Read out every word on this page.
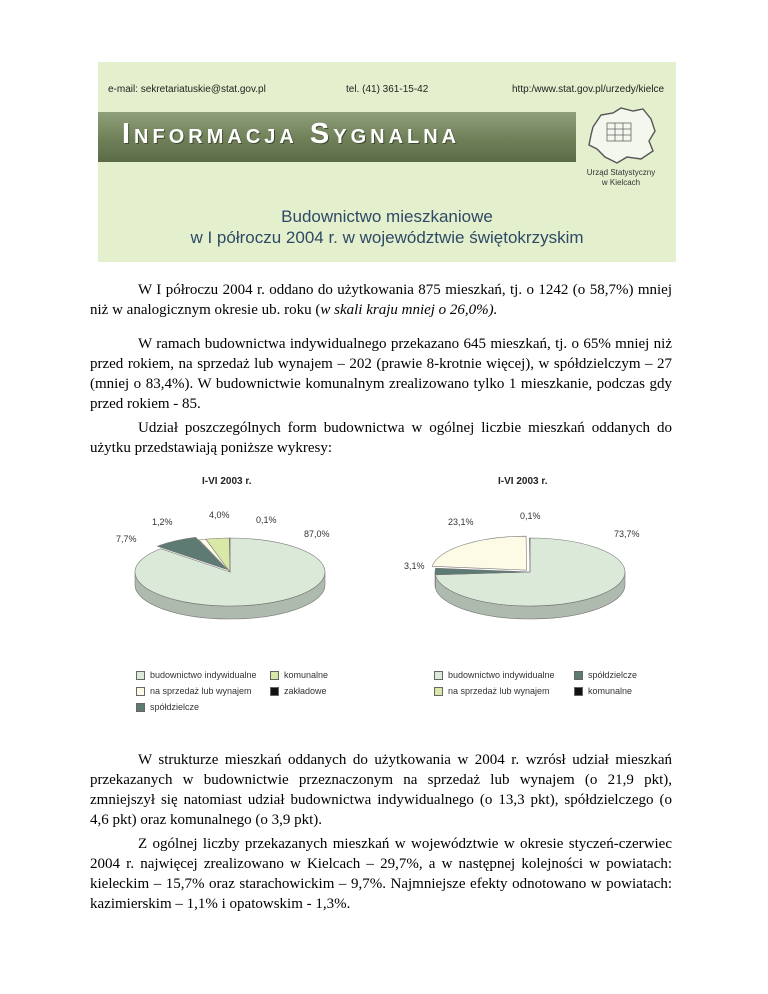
e-mail: sekretariatuskie@stat.gov.pl	tel. (41) 361-15-42	http:/www.stat.gov.pl/urzedy/kielce
Informacja Sygnalna
Urząd Statystyczny
w Kielcach
Budownictwo mieszkaniowe
w I półroczu 2004 r. w województwie świętokrzyskim

W I półroczu 2004 r. oddano do użytkowania 875 mieszkań, tj. o 1242 (o 58,7%) mniej niż w analogicznym okresie ub. roku (w skali kraju mniej o 26,0%).

W ramach budownictwa indywidualnego przekazano 645 mieszkań, tj. o 65% mniej niż przed rokiem, na sprzedaż lub wynajem – 202 (prawie 8-krotnie więcej), w spółdzielczym – 27 (mniej o 83,4%). W budownictwie komunalnym zrealizowano tylko 1 mieszkanie, podczas gdy przed rokiem - 85.

Udział poszczególnych form budownictwa w ogólnej liczbie mieszkań oddanych do użytku przedstawiają poniższe wykresy:

I-VI 2003 r.
4,0%	0,1%
1,2%
87,0%
7,7%
budownictwo indywidualne	komunalne
na sprzedaż lub wynajem	zakładowe
spółdzielcze
I-VI 2003 r.
0,1%
23,1%
73,7%
3,1%
budownictwo indywidualne	spółdzielcze
na sprzedaż lub wynajem	komunalne

W strukturze mieszkań oddanych do użytkowania w 2004 r. wzrósł udział mieszkań przekazanych w budownictwie przeznaczonym na sprzedaż lub wynajem (o 21,9 pkt), zmniejszył się natomiast udział budownictwa indywidualnego (o 13,3 pkt), spółdzielczego (o 4,6 pkt) oraz komunalnego (o 3,9 pkt).

Z ogólnej liczby przekazanych mieszkań w województwie w okresie styczeń-czerwiec 2004 r. najwięcej zrealizowano w Kielcach – 29,7%, a w następnej kolejności w powiatach: kieleckim – 15,7% oraz starachowickim – 9,7%. Najmniejsze efekty odnotowano w powiatach: kazimierskim – 1,1% i opatowskim - 1,3%.
